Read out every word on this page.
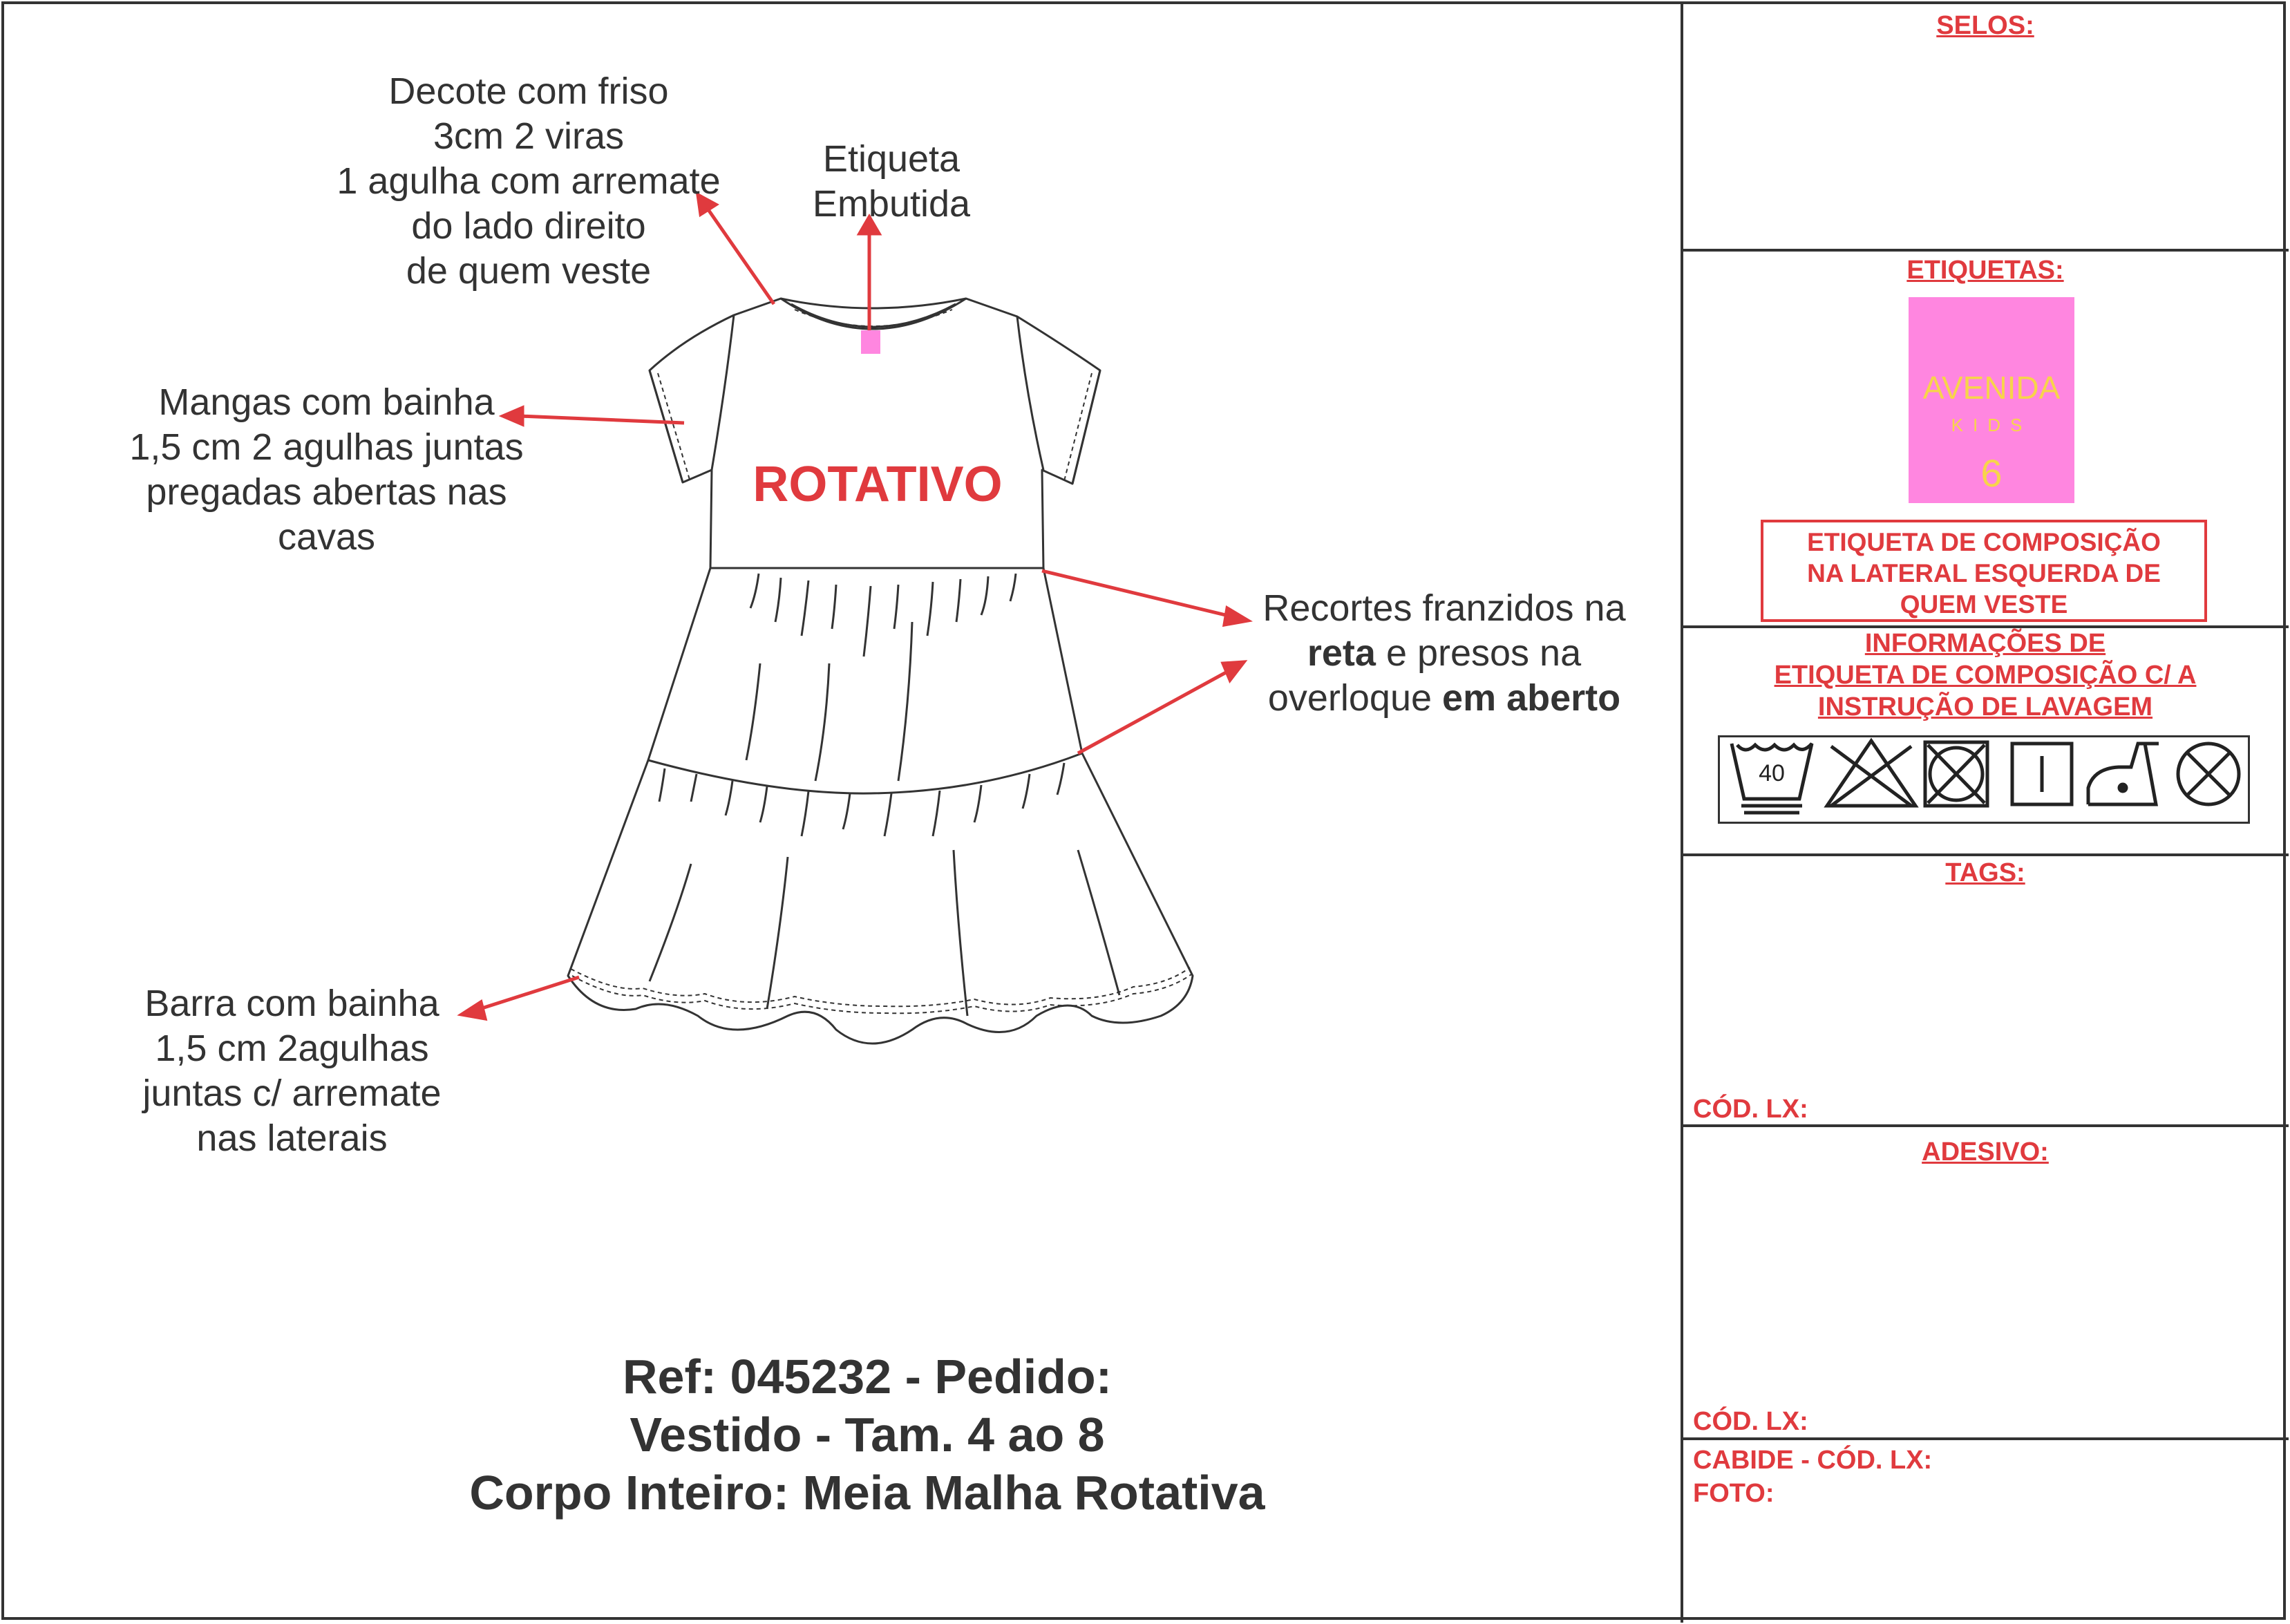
40
ROTATIVO
Decote com friso
3cm 2 viras
1 agulha com arremate
do lado direito
de quem veste
Etiqueta
Embutida
Mangas com bainha
1,5 cm 2 agulhas juntas
pregadas abertas nas
cavas
Recortes franzidos na
reta e presos na
overloque em aberto
Barra com bainha
1,5 cm 2agulhas
juntas c/ arremate
nas laterais
Ref: 045232 - Pedido:
Vestido - Tam. 4 ao 8
Corpo Inteiro: Meia Malha Rotativa
SELOS:
ETIQUETAS:
AVENIDA
KIDS
6
ETIQUETA DE COMPOSIÇÃO
NA LATERAL ESQUERDA DE
QUEM VESTE
INFORMAÇÕES DE
ETIQUETA DE COMPOSIÇÃO C/ A
INSTRUÇÃO DE LAVAGEM
TAGS:
CÓD. LX:
ADESIVO:
CÓD. LX:
CABIDE - CÓD. LX:
FOTO:
